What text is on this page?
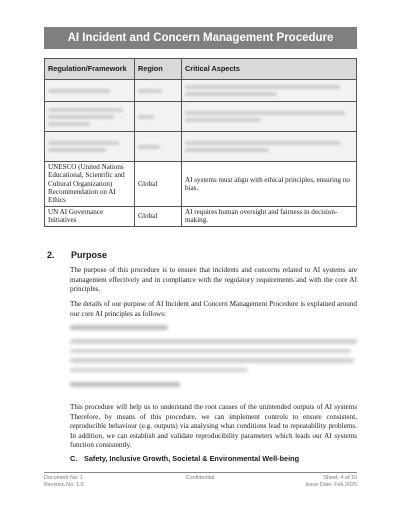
AI Incident and Concern Management Procedure
Regulation/Framework	Region	Critical Aspects

UNESCO (United Nations Educational, Scientific and Cultural Organization) Recommendation on AI Ethics	Global	AI systems must align with ethical principles, ensuring no bias.
UN AI Governance Initiatives	Global	AI requires human oversight and fairness in decision-making.
2. Purpose

The purpose of this procedure is to ensure that incidents and concerns related to AI systems are management effectively and in compliance with the regulatory requirements and with the core AI principles.

The details of our purpose of AI Incident and Concern Management Procedure is explained around our core AI principles as follows:

This procedure will help us to understand the root causes of the unintended outputs of AI systems Therefore, by means of this procedure, we can implement controls to ensure consistent, reproducible behaviour (e.g. outputs) via analysing what conditions lead to repeatability problems. In addition, we can establish and validate reproducibility parameters which leads our AI systems function consistently.

C. Safety, Inclusive Growth, Societal & Environmental Well-being
Document No: 1
Revision No: 1.0
Confidential	Sheet: 4 of 16
Issue Date: Feb 2025
